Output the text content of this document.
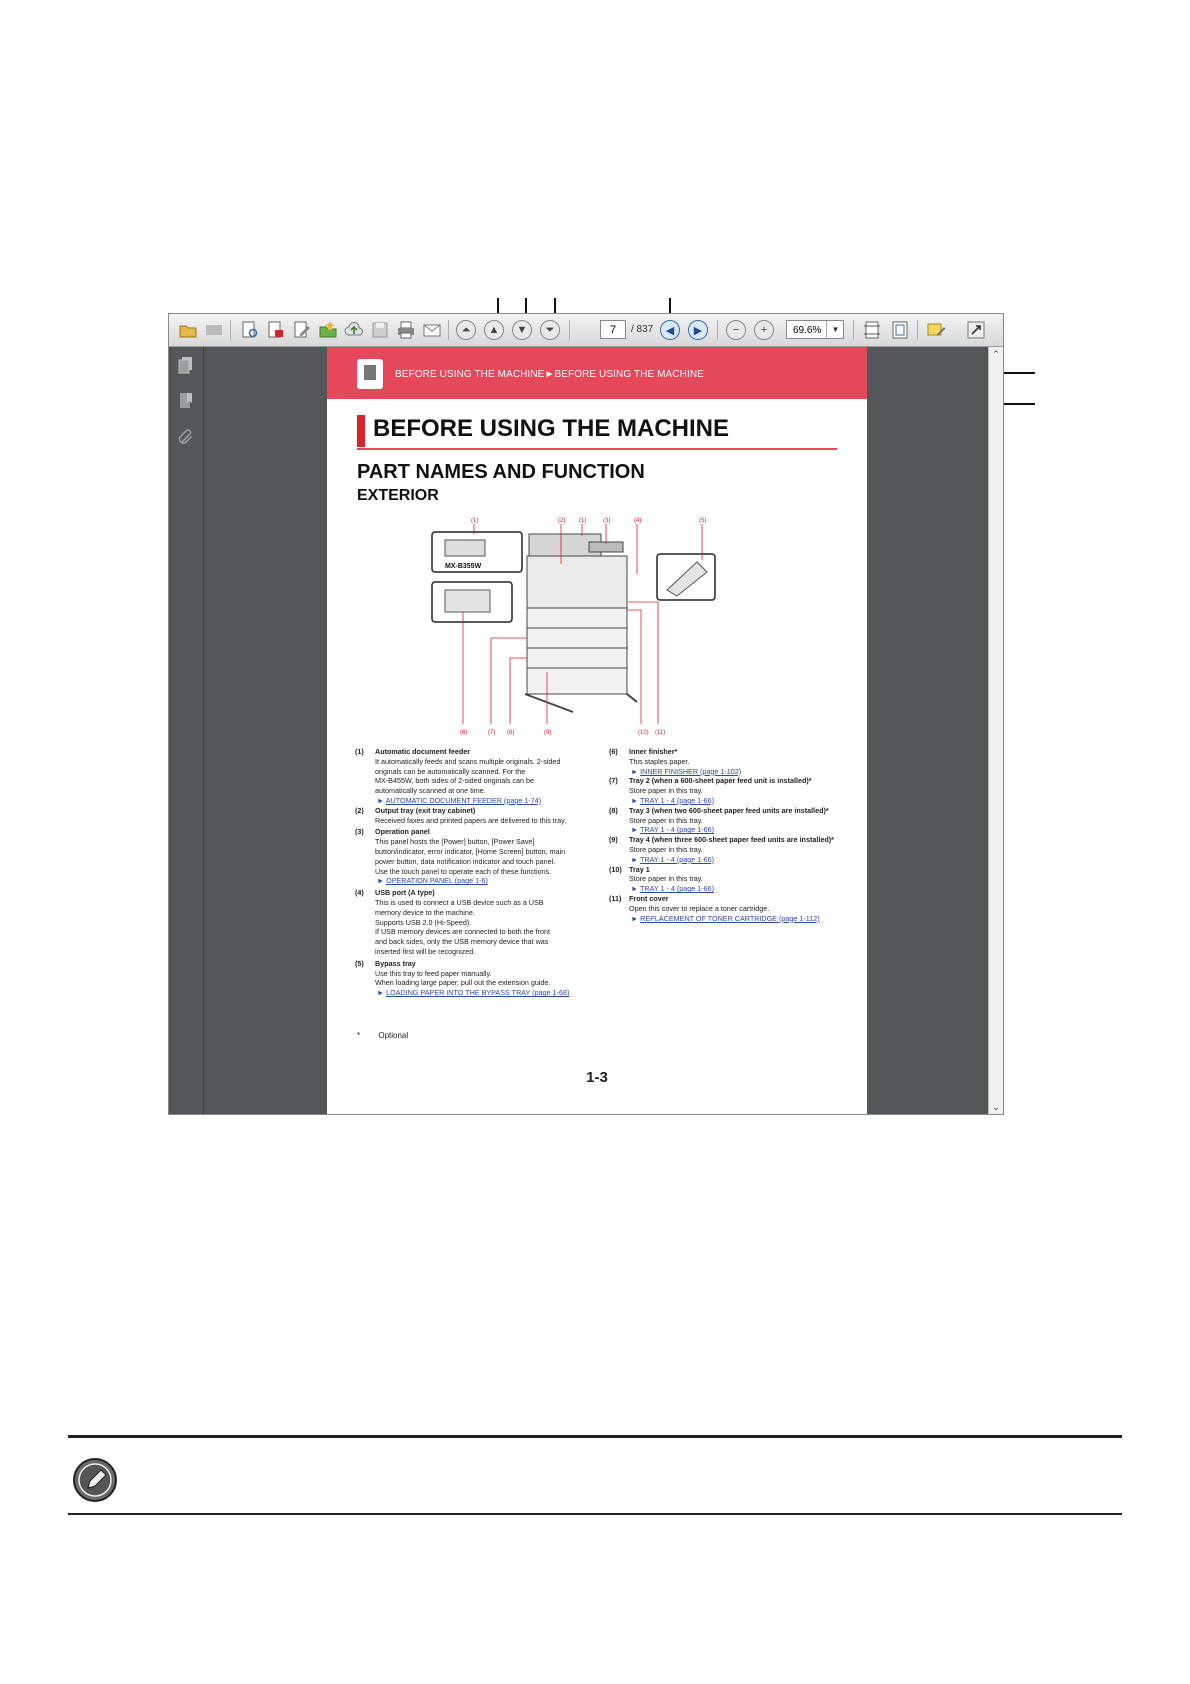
⏶	▲	▼	⏷	7	/ 837	◀	▶	−	+	69.6%	▼
⌃
⌄
BEFORE USING THE MACHINE►BEFORE USING THE MACHINE
BEFORE USING THE MACHINE
PART NAMES AND FUNCTION
EXTERIOR
(1)	(2) (1)	(3)	(4)	(5)
(6)	(7) (8)	(9)	(10) (11)
MX-B355W
(1) Automatic document feeder
It automatically feeds and scans multiple originals. 2-sided
originals can be automatically scanned. For the
MX-B455W, both sides of 2-sided originals can be
automatically scanned at one time.
► AUTOMATIC DOCUMENT FEEDER (page 1-74)
(2) Output tray (exit tray cabinet)
Received faxes and printed papers are delivered to this tray.
(3) Operation panel
This panel hosts the [Power] button, [Power Save]
button/indicator, error indicator, [Home Screen] button, main
power button, data notification indicator and touch panel.
Use the touch panel to operate each of these functions.
► OPERATION PANEL (page 1-6)
(4) USB port (A type)
This is used to connect a USB device such as a USB
memory device to the machine.
Supports USB 2.0 (Hi-Speed).
If USB memory devices are connected to both the front
and back sides, only the USB memory device that was
inserted first will be recognized.
(5) Bypass tray
Use this tray to feed paper manually.
When loading large paper, pull out the extension guide.
► LOADING PAPER INTO THE BYPASS TRAY (page 1-68)
(6) Inner finisher*
This staples paper.
► INNER FINISHER (page 1-102)
(7) Tray 2 (when a 600-sheet paper feed unit is installed)*
Store paper in this tray.
► TRAY 1 - 4 (page 1-66)
(8) Tray 3 (when two 600-sheet paper feed units are installed)*
Store paper in this tray.
► TRAY 1 - 4 (page 1-66)
(9) Tray 4 (when three 600-sheet paper feed units are installed)*
Store paper in this tray.
► TRAY 1 - 4 (page 1-66)
(10) Tray 1
Store paper in this tray.
► TRAY 1 - 4 (page 1-66)
(11) Front cover
Open this cover to replace a toner cartridge.
► REPLACEMENT OF TONER CARTRIDGE (page 1-112)
* Optional
1-3
